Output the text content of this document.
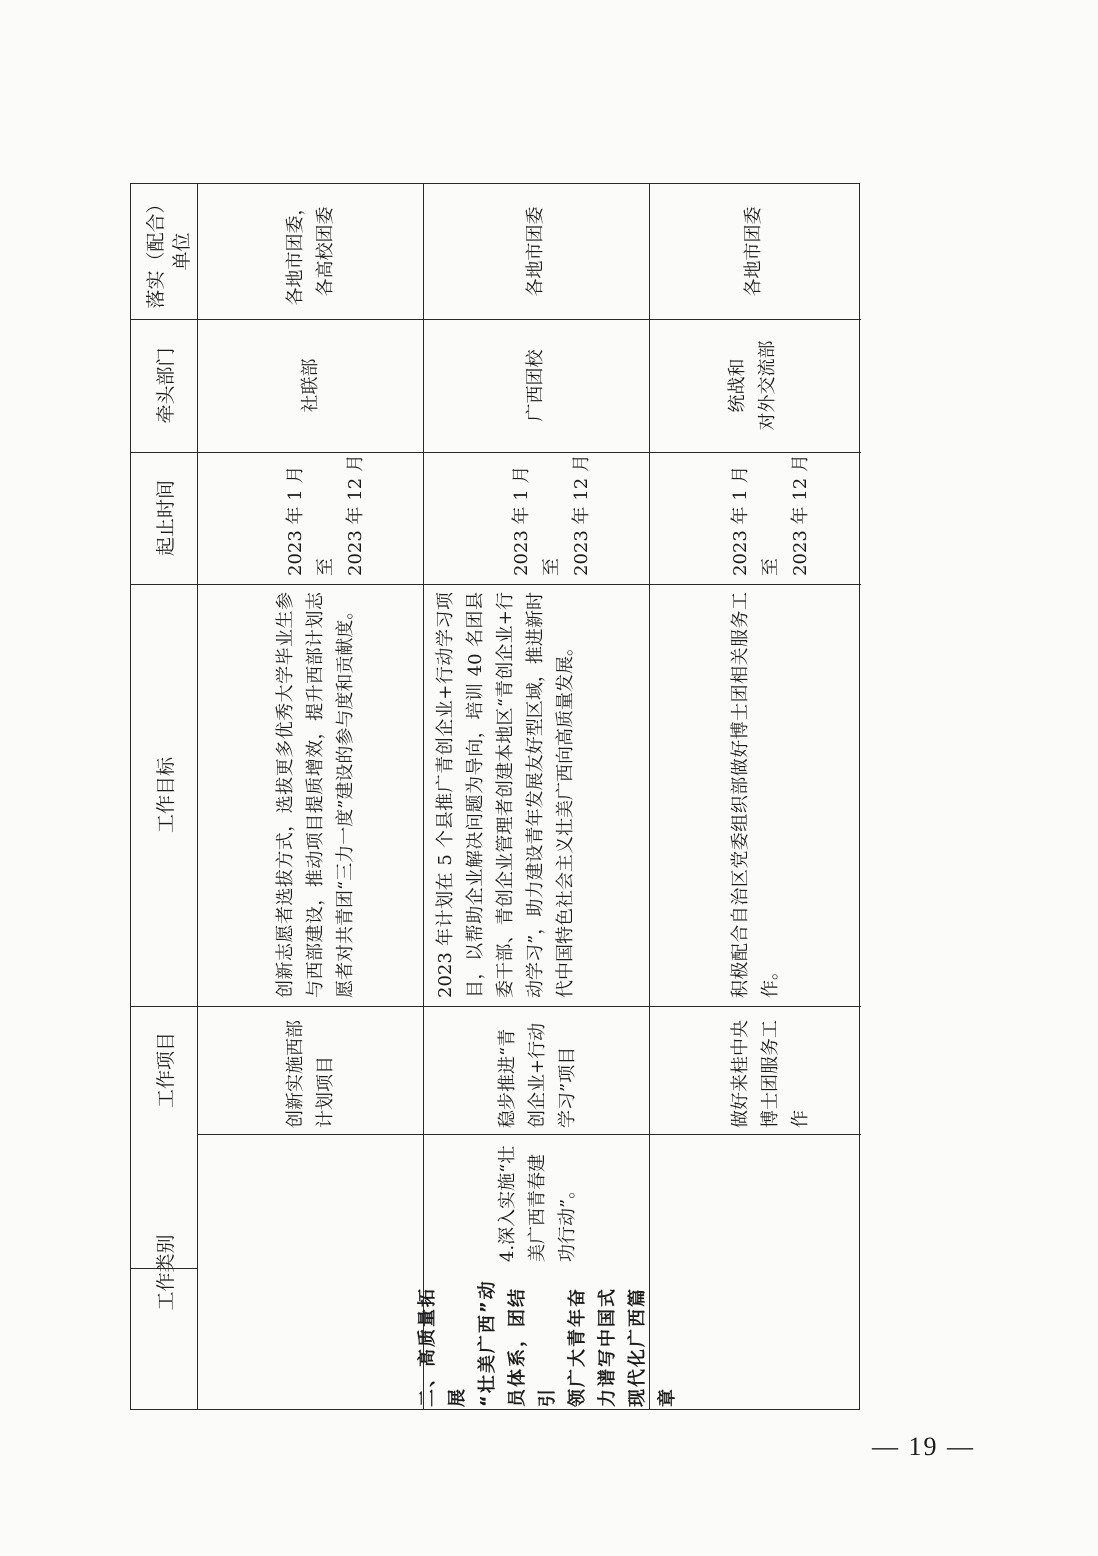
落实（配合）
单位
牵头部门
起止时间
工作目标
工作项目
工作类别
各地市团委，
各高校团委
社联部
2023 年 1 月至
2023 年 12 月
创新志愿者选拔方式，选拔更多优秀大学毕业生参与西部建设，推动项目提质增效，提升西部计划志愿者对共青团“三力一度”建设的参与度和贡献度。
创新实施西部
计划项目
各地市团委
广西团校
2023 年 1 月至
2023 年 12 月
2023 年计划在 5 个县推广青创企业+行动学习项目，以帮助企业解决问题为导向，培训 40 名团县委干部、青创企业管理者创建本地区“青创企业+行动学习”，助力建设青年发展友好型区域，推进新时代中国特色社会主义壮美广西向高质量发展。
稳步推进“青
创企业+行动
学习”项目
各地市团委
统战和
对外交流部
2023 年 1 月至
2023 年 12 月
积极配合自治区党委组织部做好博士团相关服务工作。
做好来桂中央
博士团服务工
作
4.深入实施“壮
美广西青春建
功行动”。
二、高质量拓展
“壮美广西”动
员体系，团结引
领广大青年奋
力谱写中国式
现代化广西篇
章
— 19 —
